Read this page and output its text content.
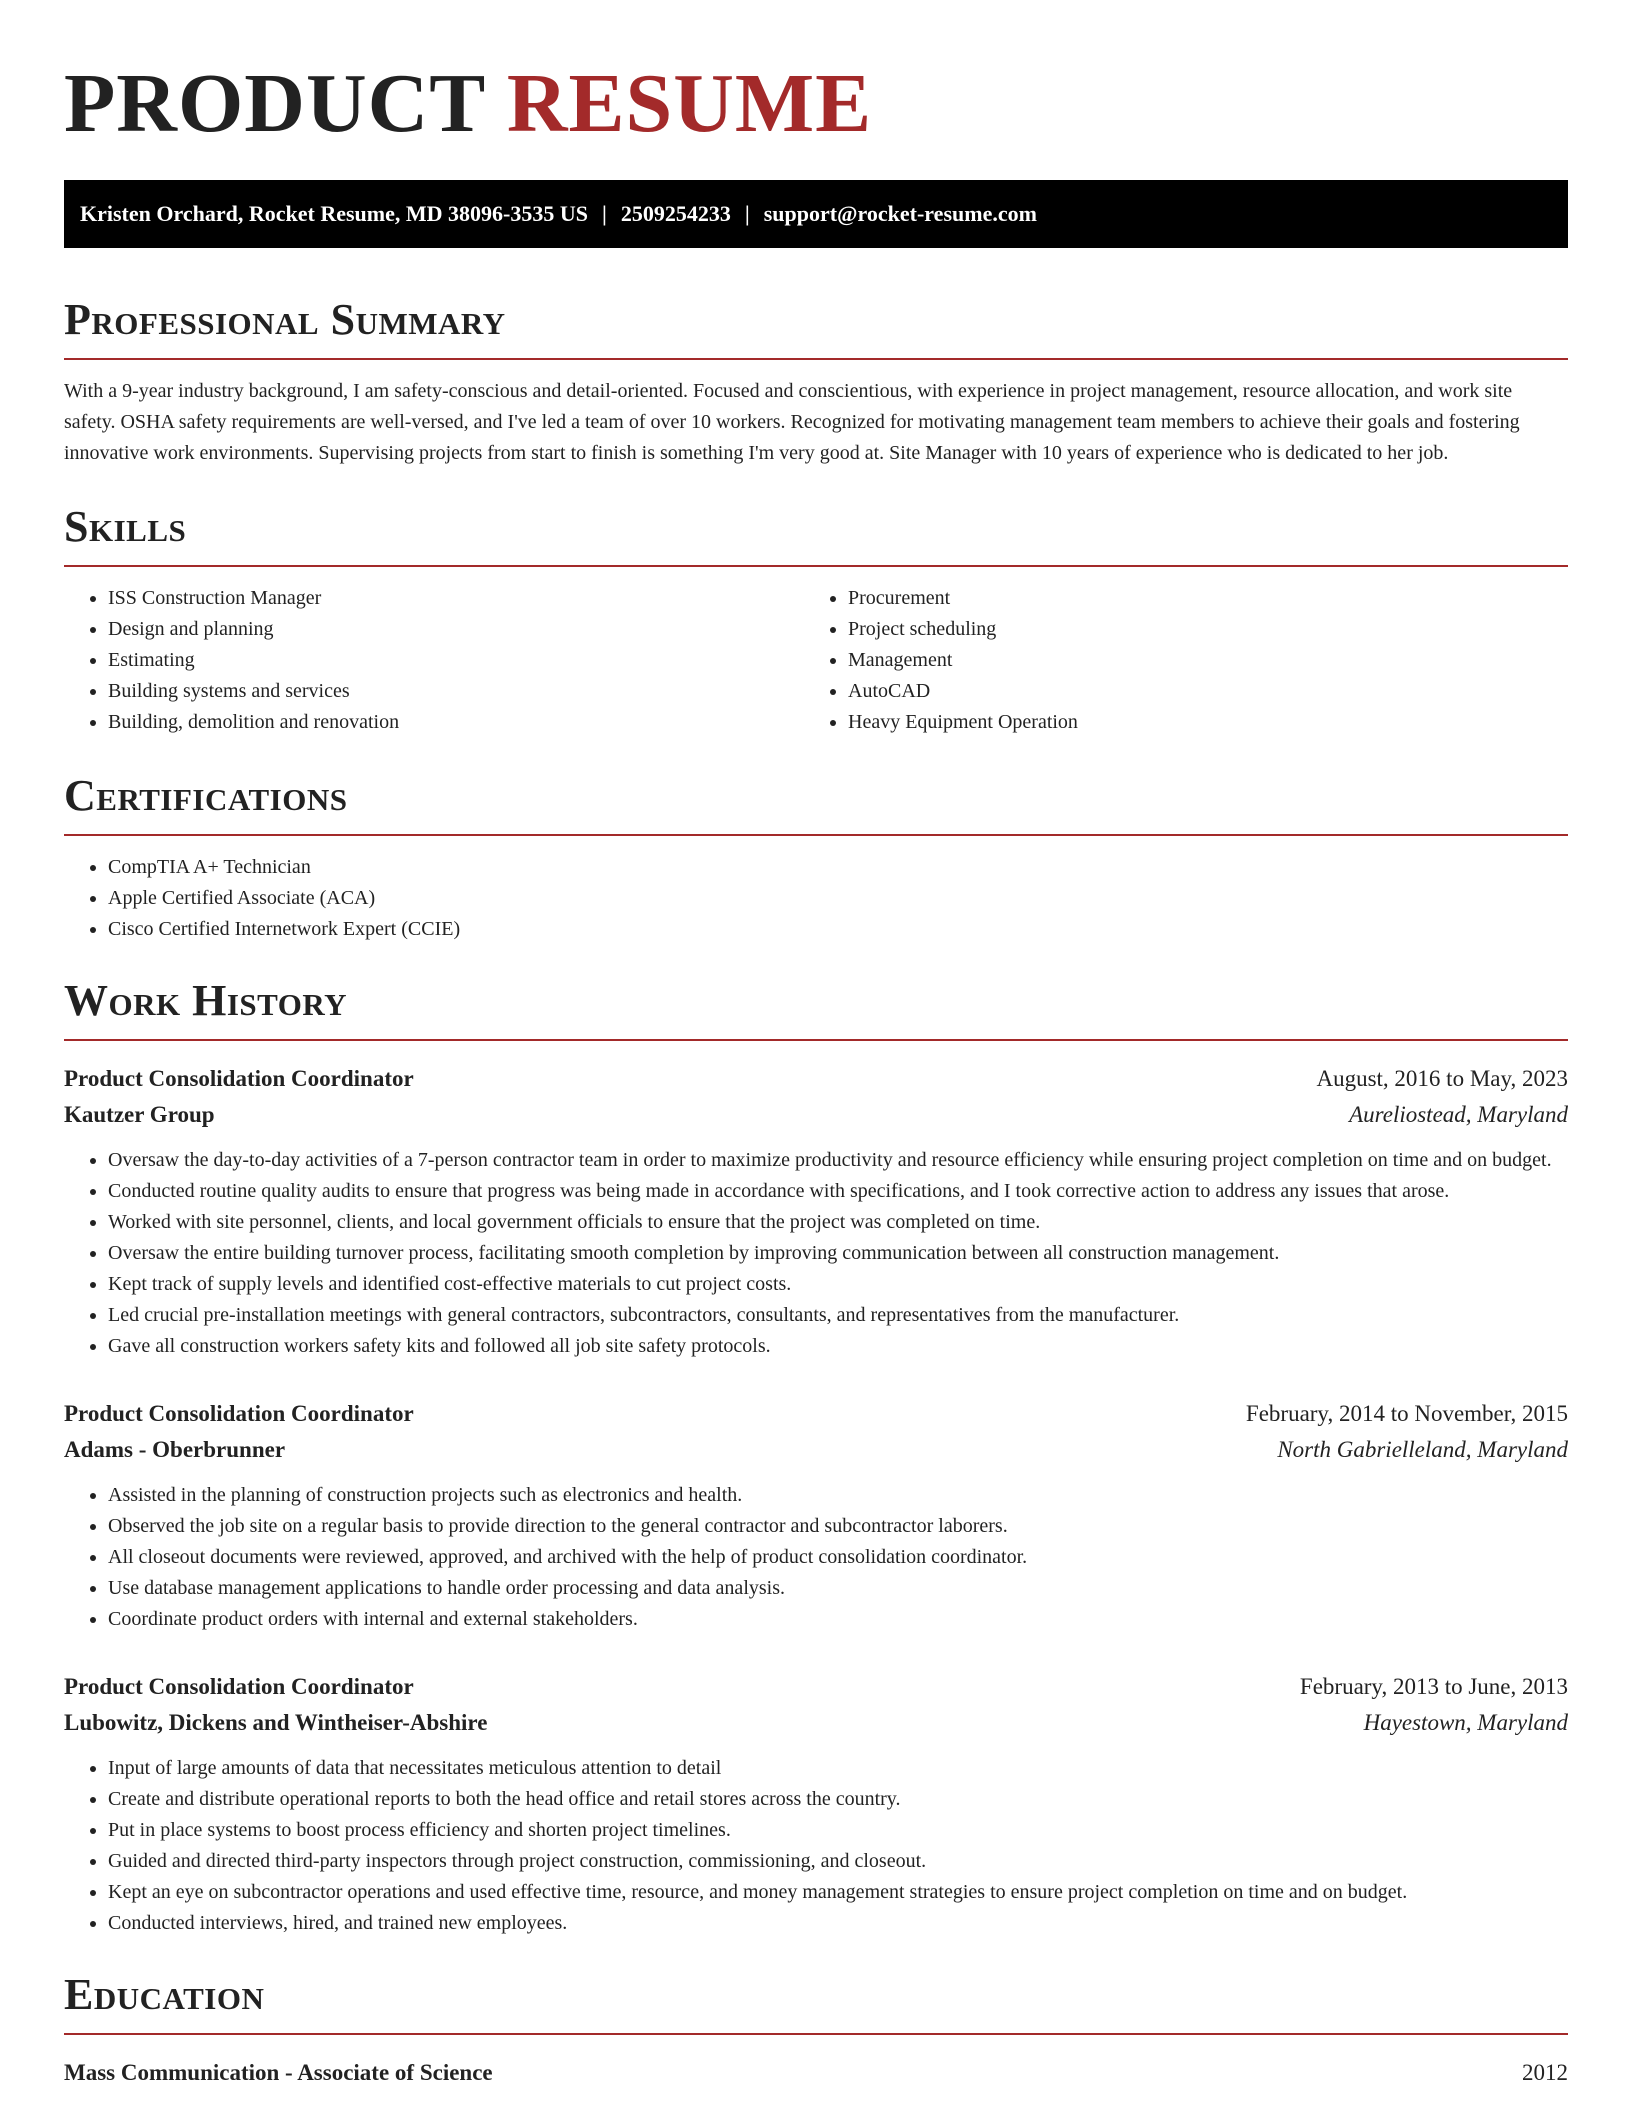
PRODUCT RESUME
Kristen Orchard, Rocket Resume, MD 38096-3535 US | 2509254233 | support@rocket-resume.com
Professional Summary

With a 9-year industry background, I am safety-conscious and detail-oriented. Focused and conscientious, with experience in project management, resource allocation, and work site safety. OSHA safety requirements are well-versed, and I've led a team of over 10 workers. Recognized for motivating management team members to achieve their goals and fostering innovative work environments. Supervising projects from start to finish is something I'm very good at. Site Manager with 10 years of experience who is dedicated to her job.

Skills
• ISS Construction Manager
• Design and planning
• Estimating
• Building systems and services
• Building, demolition and renovation
• Procurement
• Project scheduling
• Management
• AutoCAD
• Heavy Equipment Operation
Certifications
• CompTIA A+ Technician
• Apple Certified Associate (ACA)
• Cisco Certified Internetwork Expert (CCIE)
Work History
Product Consolidation Coordinator	August, 2016 to May, 2023
Kautzer Group	Aureliostead, Maryland
• Oversaw the day-to-day activities of a 7-person contractor team in order to maximize productivity and resource efficiency while ensuring project completion on time and on budget.
• Conducted routine quality audits to ensure that progress was being made in accordance with specifications, and I took corrective action to address any issues that arose.
• Worked with site personnel, clients, and local government officials to ensure that the project was completed on time.
• Oversaw the entire building turnover process, facilitating smooth completion by improving communication between all construction management.
• Kept track of supply levels and identified cost-effective materials to cut project costs.
• Led crucial pre-installation meetings with general contractors, subcontractors, consultants, and representatives from the manufacturer.
• Gave all construction workers safety kits and followed all job site safety protocols.
Product Consolidation Coordinator	February, 2014 to November, 2015
Adams - Oberbrunner	North Gabrielleland, Maryland
• Assisted in the planning of construction projects such as electronics and health.
• Observed the job site on a regular basis to provide direction to the general contractor and subcontractor laborers.
• All closeout documents were reviewed, approved, and archived with the help of product consolidation coordinator.
• Use database management applications to handle order processing and data analysis.
• Coordinate product orders with internal and external stakeholders.
Product Consolidation Coordinator	February, 2013 to June, 2013
Lubowitz, Dickens and Wintheiser-Abshire	Hayestown, Maryland
• Input of large amounts of data that necessitates meticulous attention to detail
• Create and distribute operational reports to both the head office and retail stores across the country.
• Put in place systems to boost process efficiency and shorten project timelines.
• Guided and directed third-party inspectors through project construction, commissioning, and closeout.
• Kept an eye on subcontractor operations and used effective time, resource, and money management strategies to ensure project completion on time and on budget.
• Conducted interviews, hired, and trained new employees.
Education
Mass Communication - Associate of Science	2012
